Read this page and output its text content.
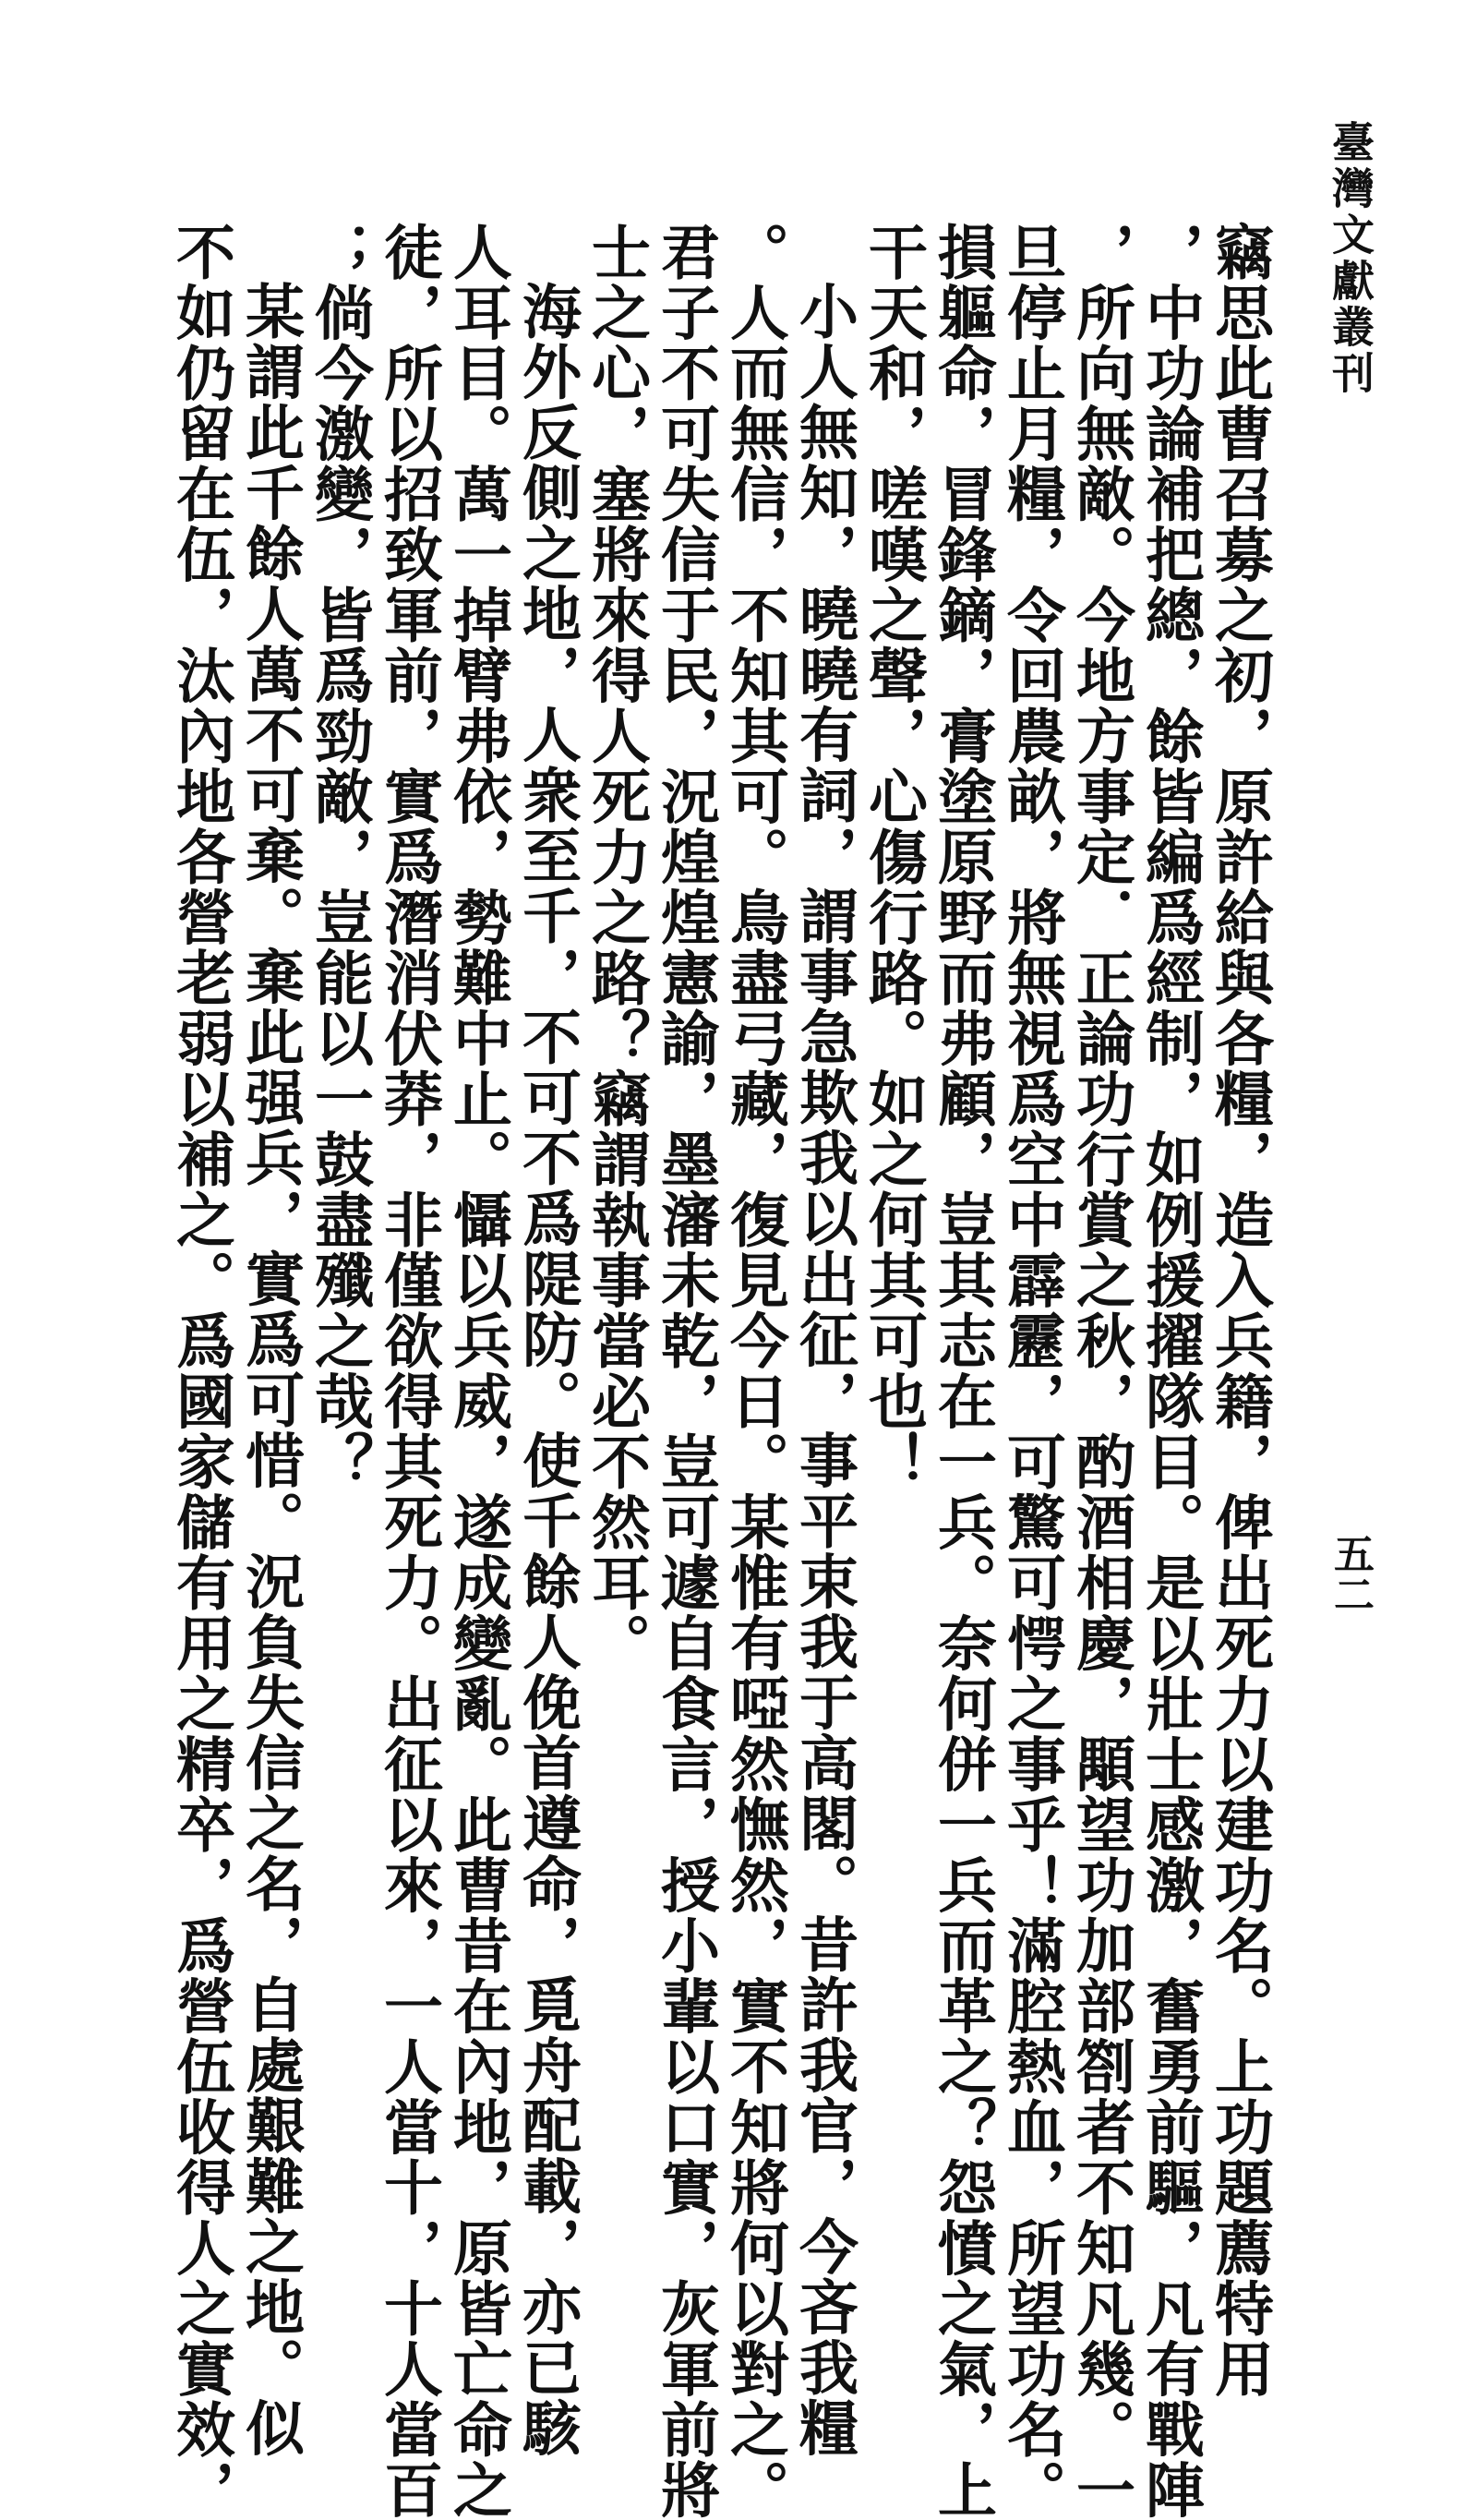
臺灣文獻叢刊
五二
竊思此曹召募之初，原許給與各糧，造入兵籍，俾出死力以建功名。上功題薦特用
，中功論補把總，餘皆編爲經制，如例援擢隊目。是以壯士感激，奮勇前驅，凡有戰陣
，所向無敵。今地方事定．正論功行賞之秋，酌酒相慶，顒望功加部劄者不知凡幾。一
旦停止月糧，令回農畝，將無視爲空中霹靂，可驚可愕之事乎！滿腔熱血，所望功名。
損軀命，冒鋒鏑，膏塗原野而弗顧，豈其志在一兵。奈何併一兵而革之？怨憤之氣，上
干天和，嗟嘆之聲，心傷行路。如之何其可也！
小人無知，曉曉有詞，謂事急欺我以出征，事平束我于高閣。昔許我官，今吝我糧
。人而無信，不知其可。鳥盡弓藏，復見今日。某惟有啞然憮然，實不知將何以對之。
君子不可失信于民，況煌煌憲諭，墨瀋未乾，豈可遽自食言，授小輩以口實，灰軍前將
士之心，塞將來得人死力之路？竊謂執事當必不然耳。
海外反側之地，人衆至千，不可不爲隄防。使千餘人俛首遵命，覓舟配載，亦已駭
人耳目。萬一掉臂弗依，勢難中止。懾以兵威，遂成變亂。此曹昔在內地，原皆亡命之
徒，所以招致軍前，實爲潛消伏莽，非僅欲得其死力。出征以來，一人當十，十人當百
；倘今激變，皆爲勁敵，豈能以一鼓盡殲之哉？
某謂此千餘人萬不可棄。棄此强兵，實爲可惜。況負失信之名，自處艱難之地。似
不如仍留在伍，汰內地各營老弱以補之。爲國家儲有用之精卒，爲營伍收得人之實效，
